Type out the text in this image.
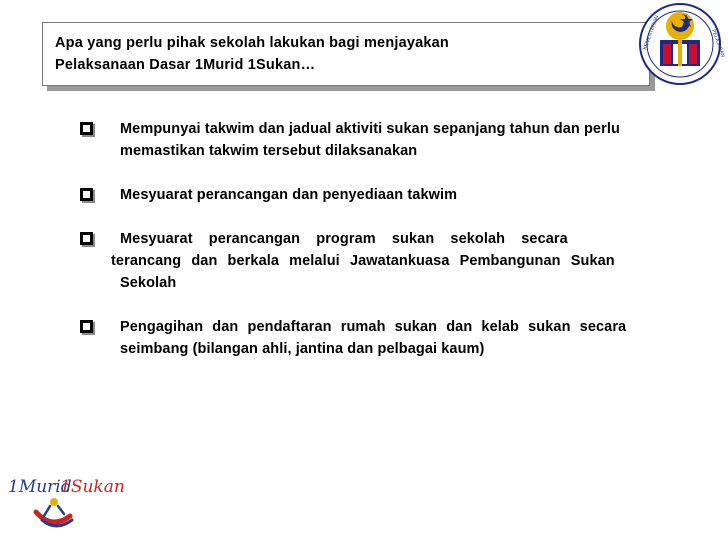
Apa yang perlu pihak sekolah lakukan bagi menjayakan
Pelaksanaan Dasar 1Murid 1Sukan…
KEMENTERIAN	PELAJARAN
Mempunyai takwim dan jadual aktiviti sukan sepanjang tahun dan perlu
memastikan takwim tersebut dilaksanakan
Mesyuarat perancangan dan penyediaan takwim
Mesyuarat perancangan program sukan sekolah secara
terancang dan berkala melalui Jawatankuasa Pembangunan Sukan
Sekolah
Pengagihan dan pendaftaran rumah sukan dan kelab sukan secara
seimbang (bilangan ahli, jantina dan pelbagai kaum)
1Murid
1Sukan
